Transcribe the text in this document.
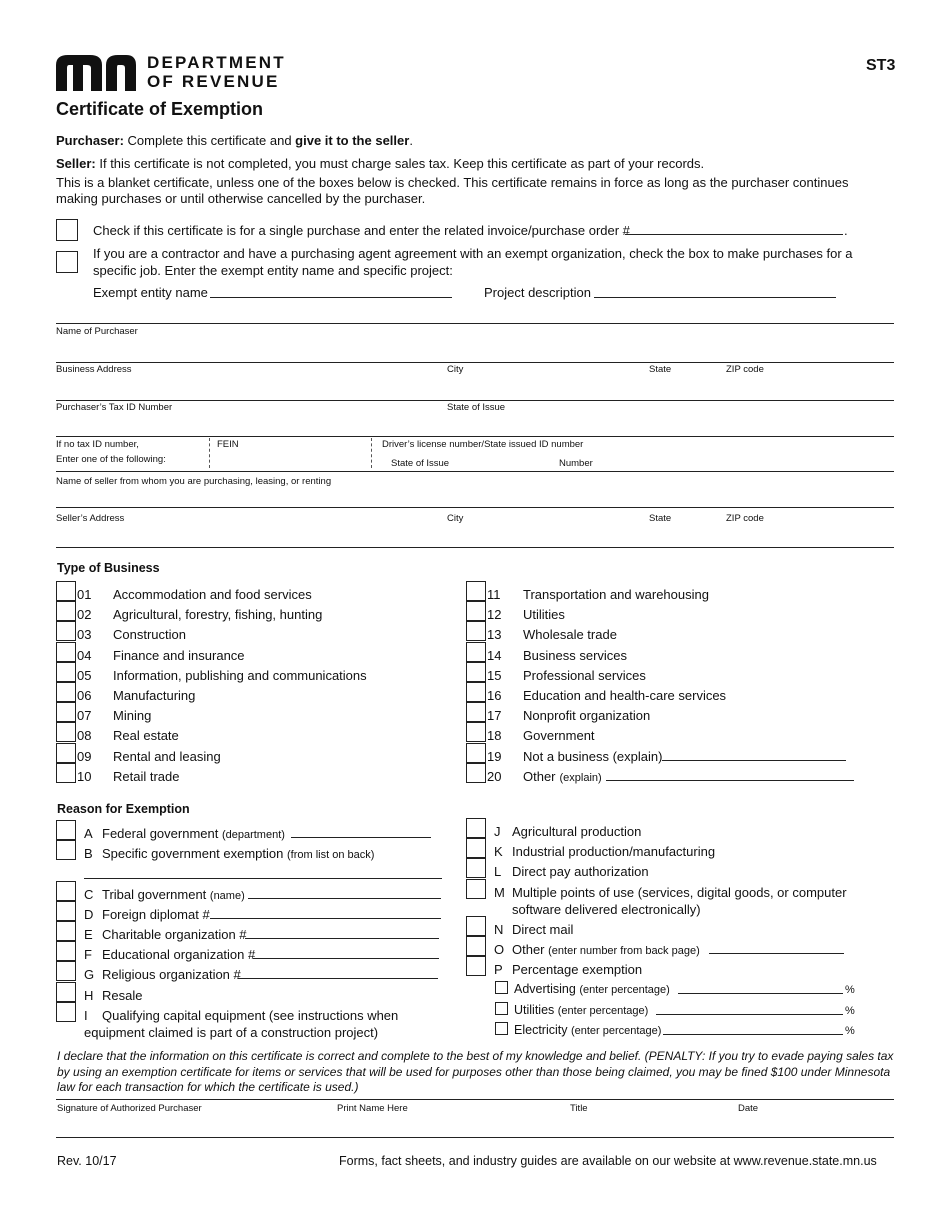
DEPARTMENT
OF REVENUE
ST3
Certificate of Exemption
Purchaser: Complete this certificate and give it to the seller.
Seller: If this certificate is not completed, you must charge sales tax. Keep this certificate as part of your records.
This is a blanket certificate, unless one of the boxes below is checked. This certificate remains in force as long as the purchaser continues making purchases or until otherwise cancelled by the purchaser.
Check if this certificate is for a single purchase and enter the related invoice/purchase order #	.
If you are a contractor and have a purchasing agent agreement with an exempt organization, check the box to make purchases for a specific job. Enter the exempt entity name and specific project:
Exempt entity name	Project description
Name of Purchaser
Business Address	City	State	ZIP code
Purchaser’s Tax ID Number	State of Issue
If no tax ID number,
Enter one of the following:
FEIN	Driver’s license number/State issued ID number
State of Issue	Number
Name of seller from whom you are purchasing, leasing, or renting
Seller’s Address	City	State	ZIP code
Type of Business
01 Accommodation and food services
02 Agricultural, forestry, fishing, hunting
03 Construction
04 Finance and insurance
05 Information, publishing and communications
06 Manufacturing
07 Mining
08 Real estate
09 Rental and leasing
10 Retail trade
11 Transportation and warehousing
12 Utilities
13 Wholesale trade
14 Business services
15 Professional services
16 Education and health-care services
17 Nonprofit organization
18 Government
19 Not a business (explain)
20 Other (explain)
Reason for Exemption
A Federal government (department)
B Specific government exemption (from list on back)
C Tribal government (name)
D Foreign diplomat #
E Charitable organization #
F Educational organization #
G Religious organization #
H Resale
I Qualifying capital equipment (see instructions when
equipment claimed is part of a construction project)
J Agricultural production
K Industrial production/manufacturing
L Direct pay authorization
M Multiple points of use (services, digital goods, or computer
software delivered electronically)
N Direct mail
O Other (enter number from back page)
P Percentage exemption
Advertising (enter percentage)	%
Utilities (enter percentage)	%
Electricity (enter percentage)	%
I declare that the information on this certificate is correct and complete to the best of my knowledge and belief. (PENALTY: If you try to evade paying sales tax by using an exemption certificate for items or services that will be used for purposes other than those being claimed, you may be fined $100 under Minnesota law for each transaction for which the certificate is used.)
Signature of Authorized Purchaser	Print Name Here	Title	Date
Rev. 10/17	Forms, fact sheets, and industry guides are available on our website at www.revenue.state.mn.us
